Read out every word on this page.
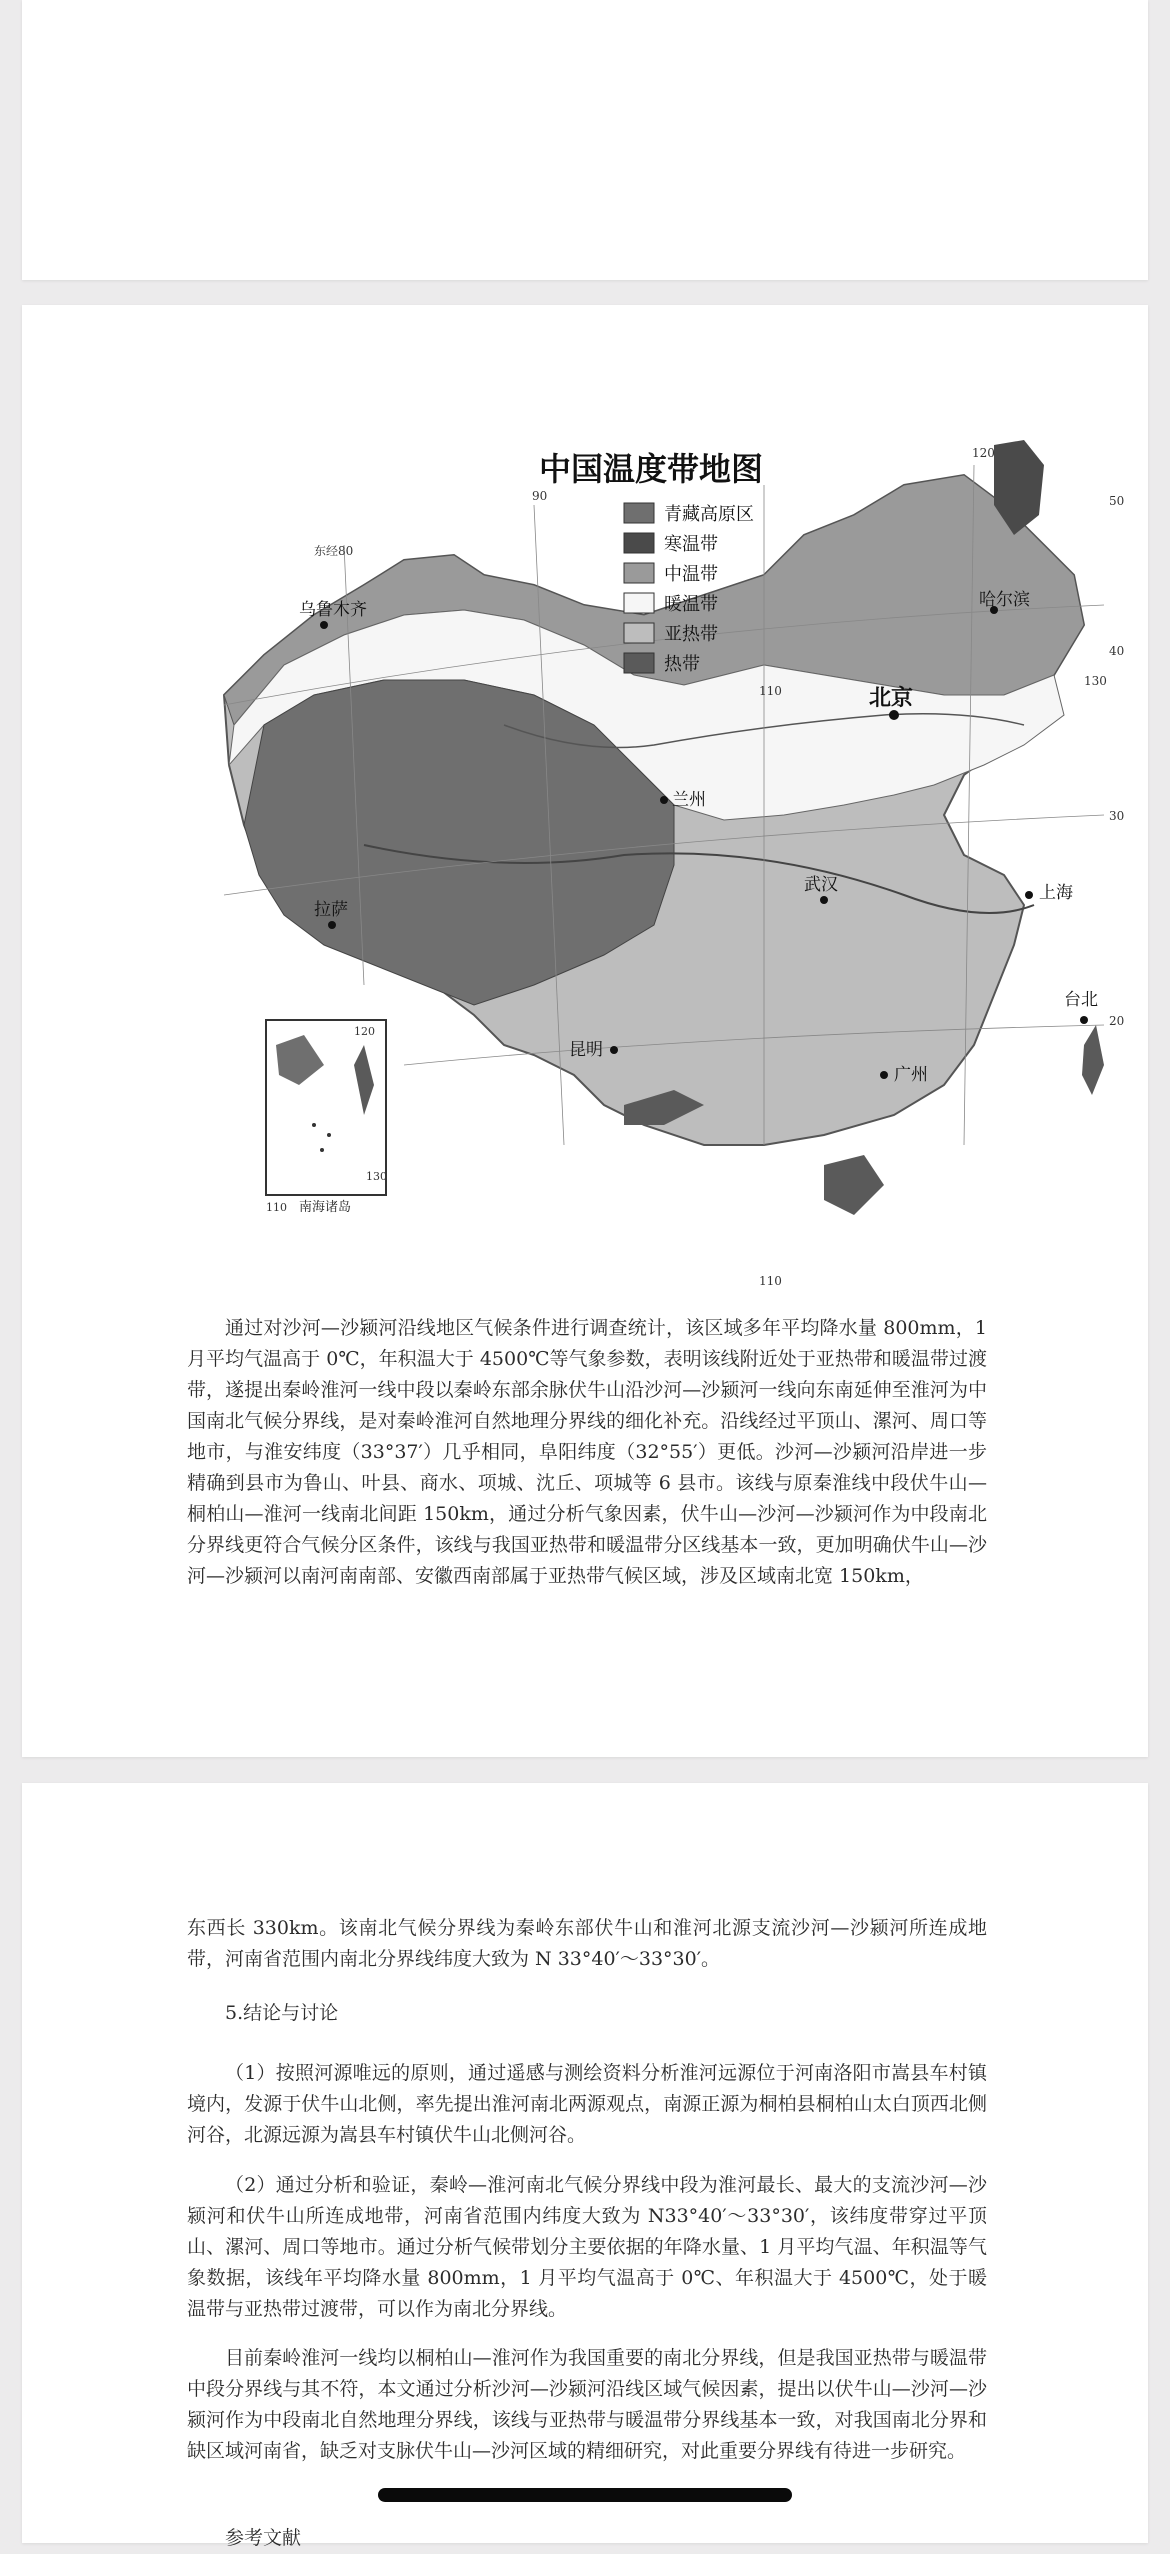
中国温度带地图
青藏高原区
寒温带
中温带
暖温带
亚热带
热带
乌鲁木齐	哈尔滨
北京
兰州
拉萨
上海
武汉
昆明
广州
台北
120
90
110
40
130
30
20
110
东经80
50
南海诸岛
110
120
130
通过对沙河—沙颍河沿线地区气候条件进行调查统计，该区域多年平均降水量 800mm，1 月平均气温高于 0℃，年积温大于 4500℃等气象参数，表明该线附近处于亚热带和暖温带过渡带，遂提出秦岭淮河一线中段以秦岭东部余脉伏牛山沿沙河—沙颍河一线向东南延伸至淮河为中国南北气候分界线，是对秦岭淮河自然地理分界线的细化补充。沿线经过平顶山、漯河、周口等地市，与淮安纬度（33°37′）几乎相同，阜阳纬度（32°55′）更低。沙河—沙颍河沿岸进一步精确到县市为鲁山、叶县、商水、项城、沈丘、项城等 6 县市。该线与原秦淮线中段伏牛山—桐柏山—淮河一线南北间距 150km，通过分析气象因素，伏牛山—沙河—沙颍河作为中段南北分界线更符合气候分区条件，该线与我国亚热带和暖温带分区线基本一致，更加明确伏牛山—沙河—沙颍河以南河南南部、安徽西南部属于亚热带气候区域，涉及区域南北宽 150km，
东西长 330km。该南北气候分界线为秦岭东部伏牛山和淮河北源支流沙河—沙颍河所连成地带，河南省范围内南北分界线纬度大致为 N 33°40′～33°30′。
5.结论与讨论
（1）按照河源唯远的原则，通过遥感与测绘资料分析淮河远源位于河南洛阳市嵩县车村镇境内，发源于伏牛山北侧，率先提出淮河南北两源观点，南源正源为桐柏县桐柏山太白顶西北侧河谷，北源远源为嵩县车村镇伏牛山北侧河谷。
（2）通过分析和验证，秦岭—淮河南北气候分界线中段为淮河最长、最大的支流沙河—沙颍河和伏牛山所连成地带，河南省范围内纬度大致为 N33°40′～33°30′，该纬度带穿过平顶山、漯河、周口等地市。通过分析气候带划分主要依据的年降水量、1 月平均气温、年积温等气象数据，该线年平均降水量 800mm，1 月平均气温高于 0℃、年积温大于 4500℃，处于暖温带与亚热带过渡带，可以作为南北分界线。
目前秦岭淮河一线均以桐柏山—淮河作为我国重要的南北分界线，但是我国亚热带与暖温带中段分界线与其不符，本文通过分析沙河—沙颍河沿线区域气候因素，提出以伏牛山—沙河—沙颍河作为中段南北自然地理分界线，该线与亚热带与暖温带分界线基本一致，对我国南北分界和缺区域河南省，缺乏对支脉伏牛山—沙河区域的精细研究，对此重要分界线有待进一步研究。
参考文献
